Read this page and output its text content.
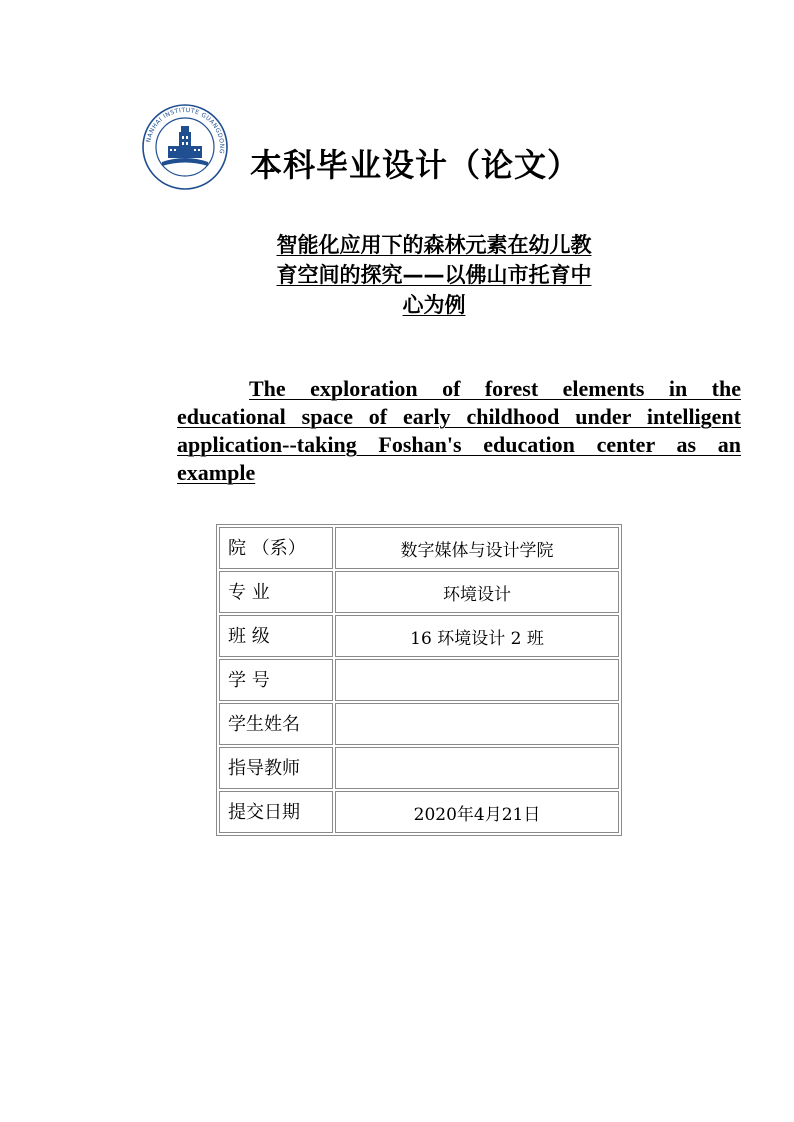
NANHAI INSTITUTE GUANGDONG 本科毕业设计（论文）
智能化应用下的森林元素在幼儿教
育空间的探究——以佛山市托育中
心为例
The exploration of forest elements in the educational space of early childhood under intelligent application--taking Foshan's education center as an example
院 （系）	数字媒体与设计学院
专 业	环境设计
班 级	16 环境设计 2 班
学 号	
学生姓名	
指导教师	
提交日期	2020年4月21日
